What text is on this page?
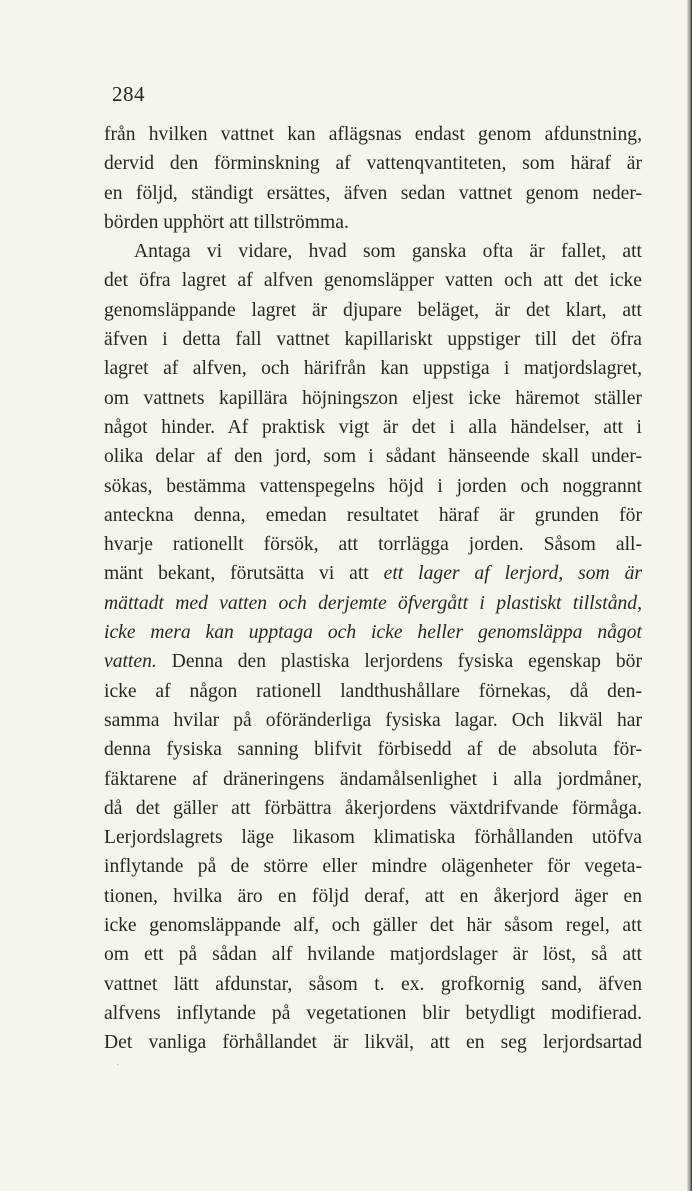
284
från hvilken vattnet kan aflägsnas endast genom afdunstning,
dervid den förminskning af vattenqvantiteten, som häraf är
en följd, ständigt ersättes, äfven sedan vattnet genom neder-
börden upphört att tillströmma.
Antaga vi vidare, hvad som ganska ofta är fallet, att
det öfra lagret af alfven genomsläpper vatten och att det icke
genomsläppande lagret är djupare beläget, är det klart, att
äfven i detta fall vattnet kapillariskt uppstiger till det öfra
lagret af alfven, och härifrån kan uppstiga i matjordslagret,
om vattnets kapillära höjningszon eljest icke häremot ställer
något hinder. Af praktisk vigt är det i alla händelser, att i
olika delar af den jord, som i sådant hänseende skall under-
sökas, bestämma vattenspegelns höjd i jorden och noggrannt
anteckna denna, emedan resultatet häraf är grunden för
hvarje rationellt försök, att torrlägga jorden. Såsom all-
mänt bekant, förutsätta vi att ett lager af lerjord, som är
mättadt med vatten och derjemte öfvergått i plastiskt tillstånd,
icke mera kan upptaga och icke heller genomsläppa något
vatten. Denna den plastiska lerjordens fysiska egenskap bör
icke af någon rationell landthushållare förnekas, då den-
samma hvilar på oföränderliga fysiska lagar. Och likväl har
denna fysiska sanning blifvit förbisedd af de absoluta för-
fäktarene af dräneringens ändamålsenlighet i alla jordmåner,
då det gäller att förbättra åkerjordens växtdrifvande förmåga.
Lerjordslagrets läge likasom klimatiska förhållanden utöfva
inflytande på de större eller mindre olägenheter för vegeta-
tionen, hvilka äro en följd deraf, att en åkerjord äger en
icke genomsläppande alf, och gäller det här såsom regel, att
om ett på sådan alf hvilande matjordslager är löst, så att
vattnet lätt afdunstar, såsom t. ex. grofkornig sand, äfven
alfvens inflytande på vegetationen blir betydligt modifierad.
Det vanliga förhållandet är likväl, att en seg lerjordsartad
·
